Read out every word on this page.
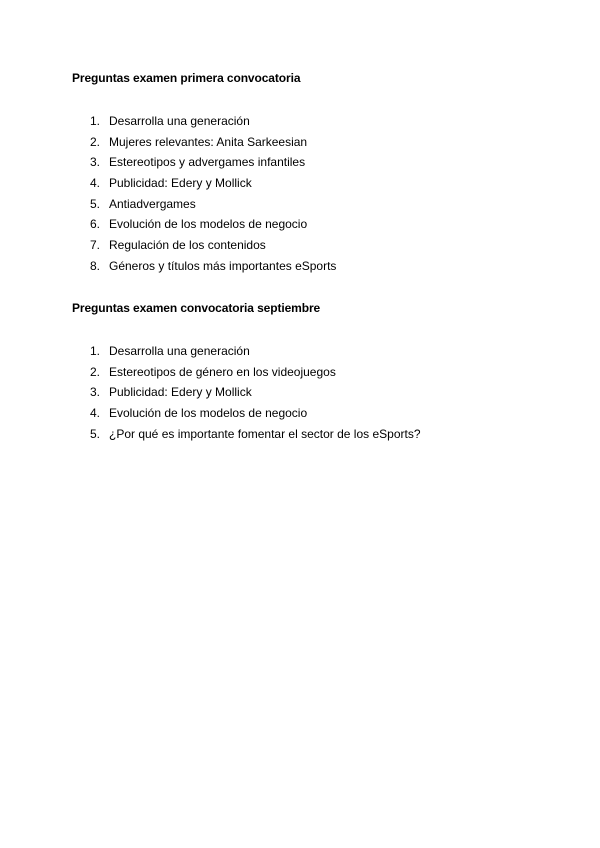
Preguntas examen primera convocatoria

1. Desarrolla una generación
2. Mujeres relevantes: Anita Sarkeesian
3. Estereotipos y advergames infantiles
4. Publicidad: Edery y Mollick
5. Antiadvergames
6. Evolución de los modelos de negocio
7. Regulación de los contenidos
8. Géneros y títulos más importantes eSports

Preguntas examen convocatoria septiembre

1. Desarrolla una generación
2. Estereotipos de género en los videojuegos
3. Publicidad: Edery y Mollick
4. Evolución de los modelos de negocio
5. ¿Por qué es importante fomentar el sector de los eSports?
